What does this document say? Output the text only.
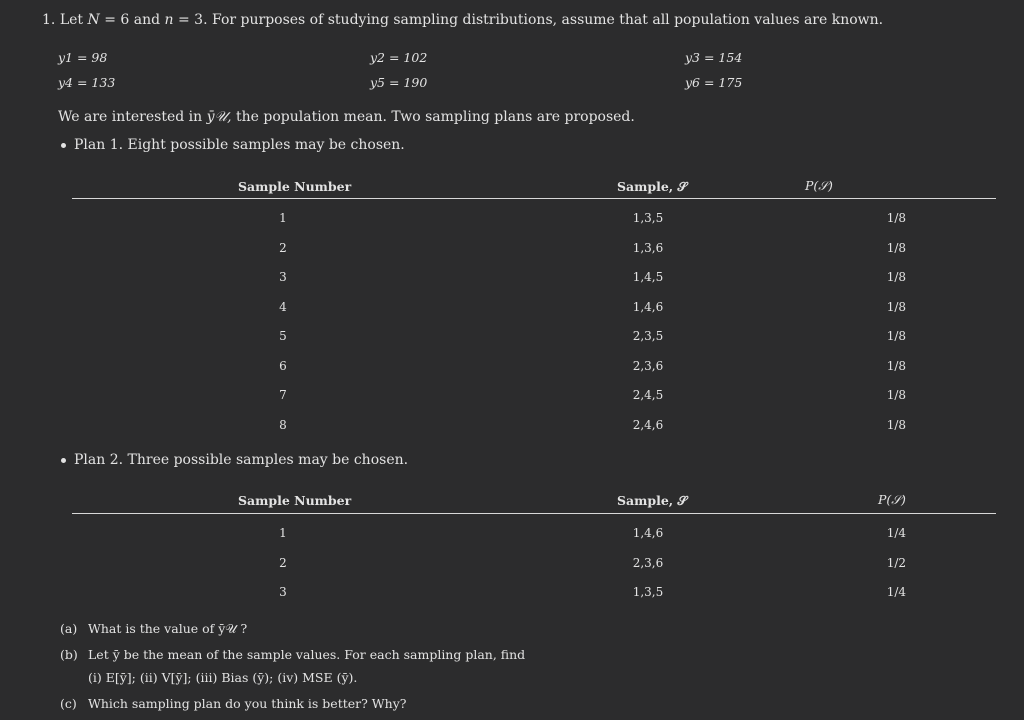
1. Let N = 6 and n = 3. For purposes of studying sampling distributions, assume that all population values are known.
y1 = 98	y2 = 102	y3 = 154
y4 = 133	y5 = 190	y6 = 175
We are interested in ȳ𝒰, the population mean. Two sampling plans are proposed.
Plan 1. Eight possible samples may be chosen.
Sample Number	Sample, 𝒮	P(𝒮)
1	1,3,5	1/8
2	1,3,6	1/8
3	1,4,5	1/8
4	1,4,6	1/8
5	2,3,5	1/8
6	2,3,6	1/8
7	2,4,5	1/8
8	2,4,6	1/8
Plan 2. Three possible samples may be chosen.
Sample Number	Sample, 𝒮	P(𝒮)
1	1,4,6	1/4
2	2,3,6	1/2
3	1,3,5	1/4
(a) What is the value of ȳ𝒰 ?
(b) Let ȳ be the mean of the sample values. For each sampling plan, find
(i) E[ȳ]; (ii) V[ȳ]; (iii) Bias (ȳ); (iv) MSE (ȳ).
(c) Which sampling plan do you think is better? Why?
